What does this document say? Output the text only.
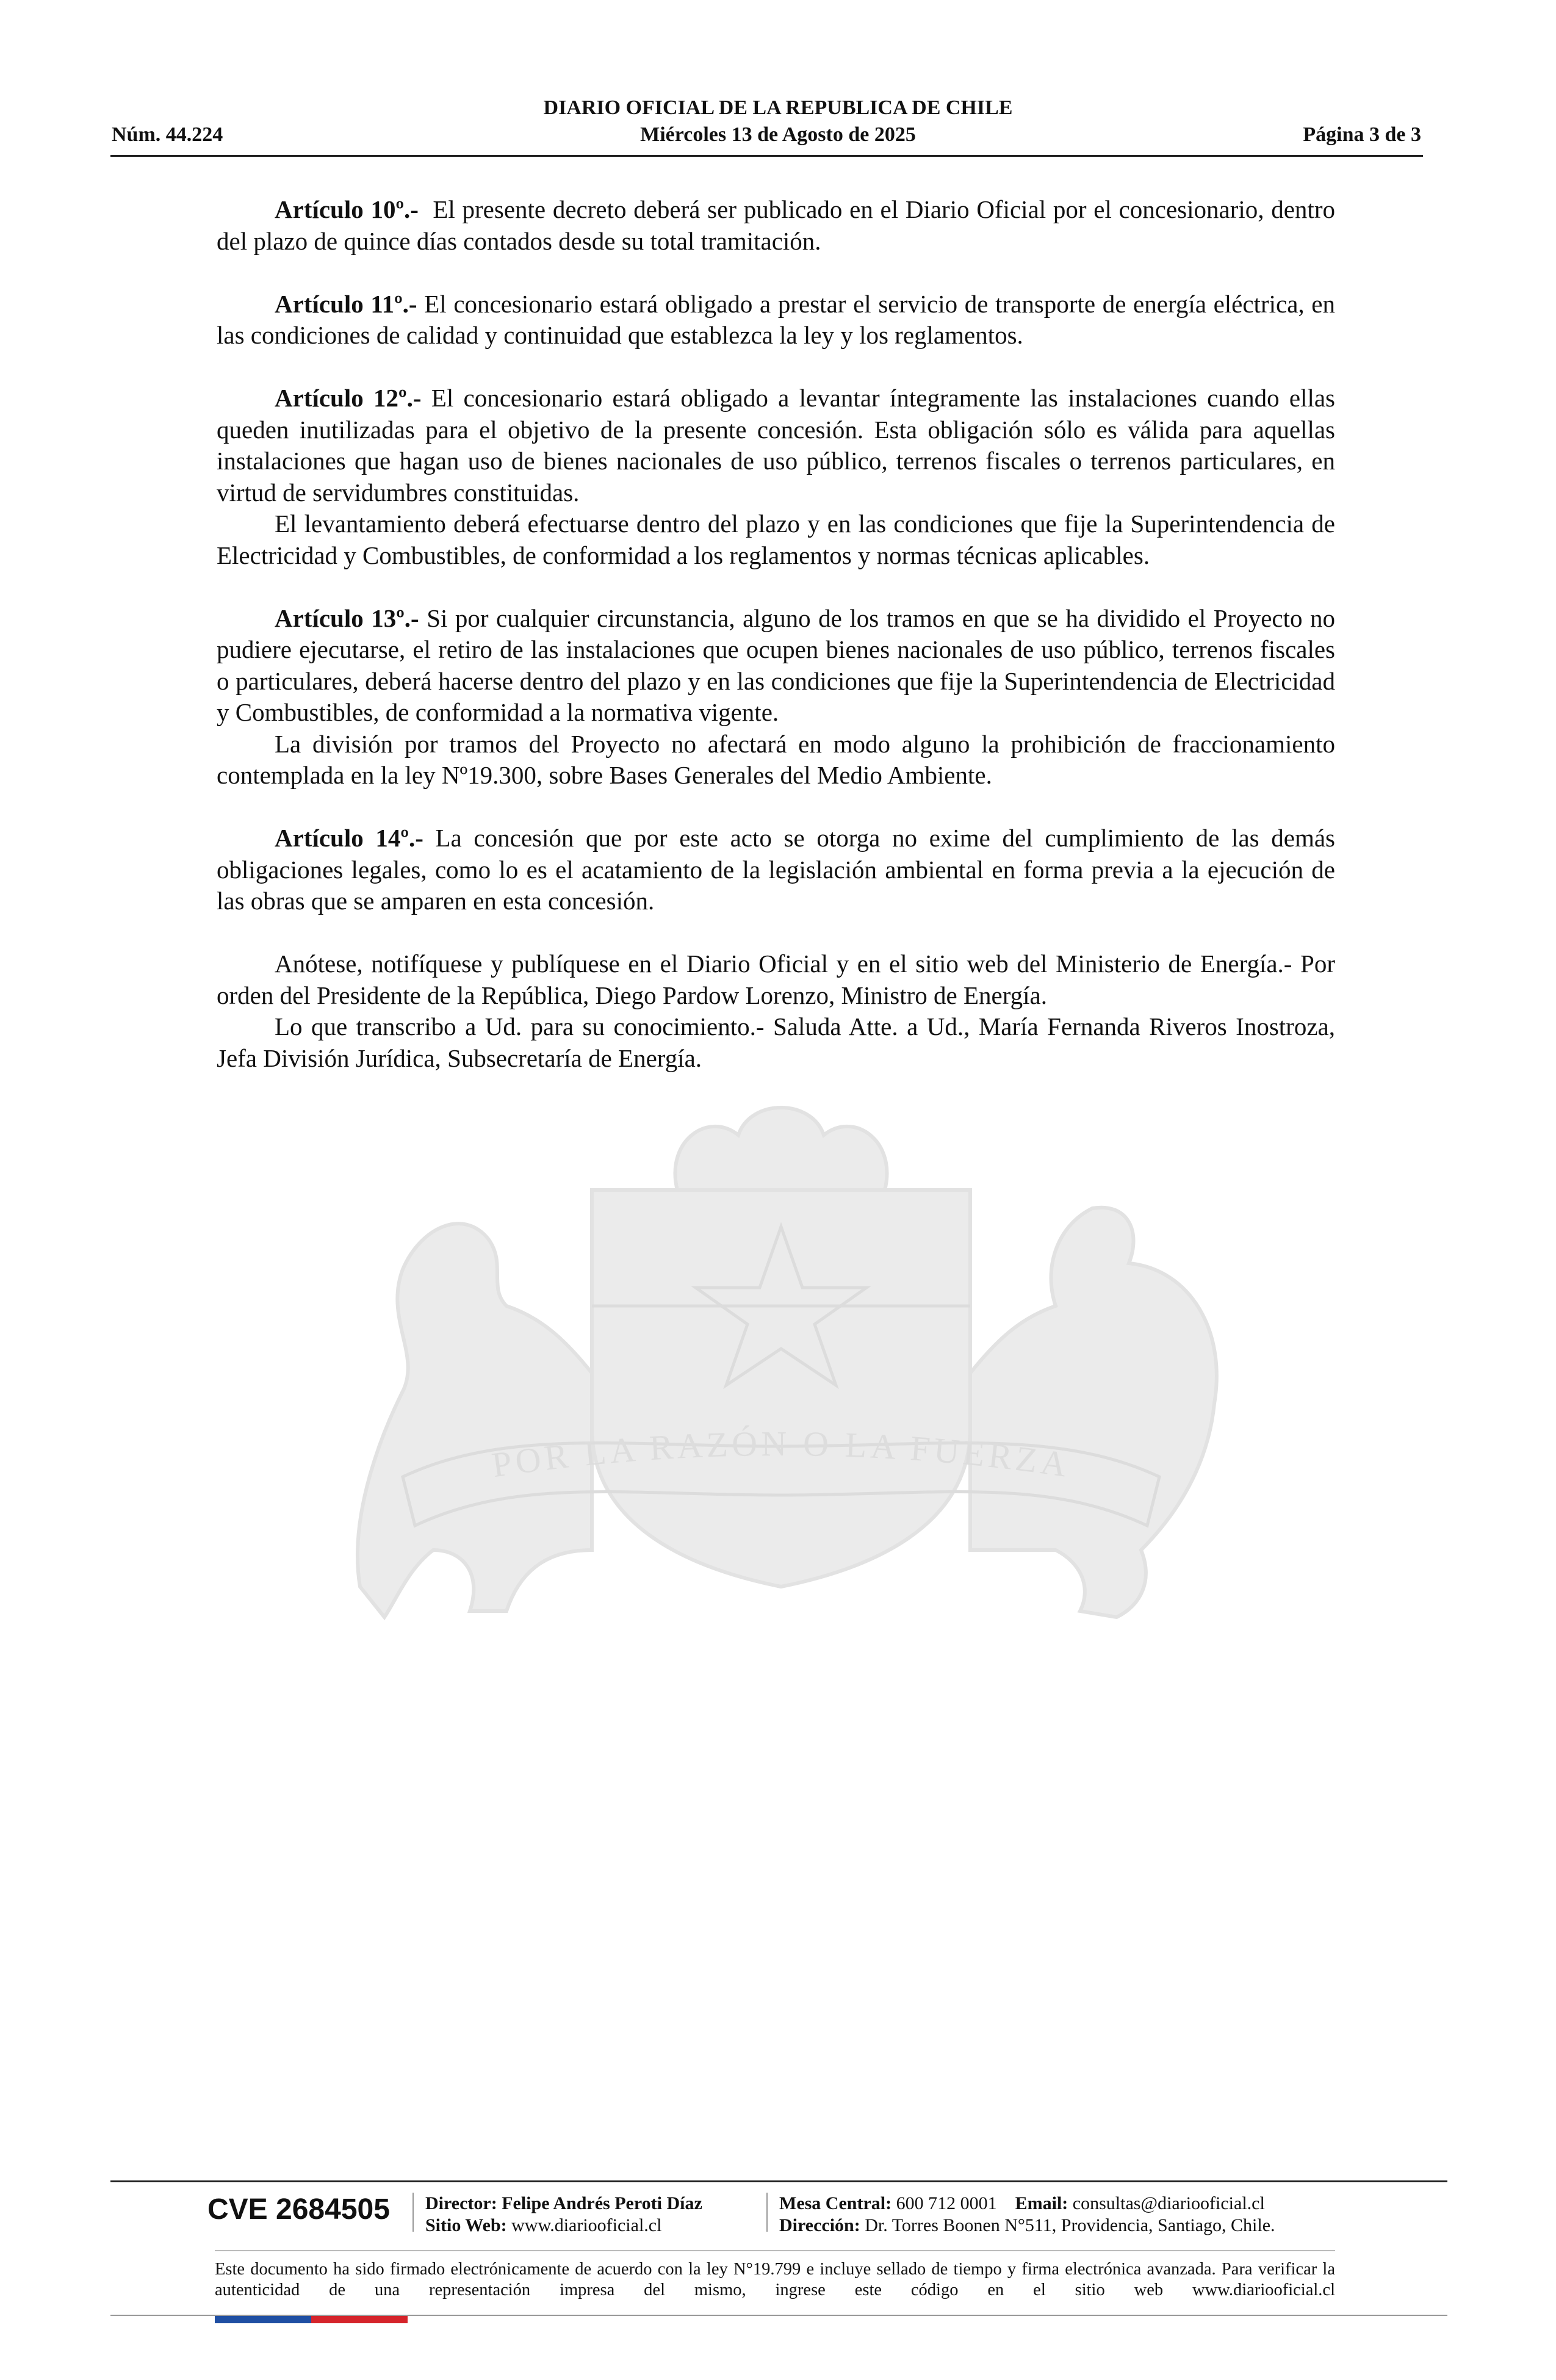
DIARIO OFICIAL DE LA REPUBLICA DE CHILE
Miércoles 13 de Agosto de 2025
Núm. 44.224	Página 3 de 3
POR LA RAZÓN O LA FUERZA

Artículo 10º.- El presente decreto deberá ser publicado en el Diario Oficial por el concesionario, dentro del plazo de quince días contados desde su total tramitación.

Artículo 11º.- El concesionario estará obligado a prestar el servicio de transporte de energía eléctrica, en las condiciones de calidad y continuidad que establezca la ley y los reglamentos.

Artículo 12º.- El concesionario estará obligado a levantar íntegramente las instalaciones cuando ellas queden inutilizadas para el objetivo de la presente concesión. Esta obligación sólo es válida para aquellas instalaciones que hagan uso de bienes nacionales de uso público, terrenos fiscales o terrenos particulares, en virtud de servidumbres constituidas.

El levantamiento deberá efectuarse dentro del plazo y en las condiciones que fije la Superintendencia de Electricidad y Combustibles, de conformidad a los reglamentos y normas técnicas aplicables.

Artículo 13º.- Si por cualquier circunstancia, alguno de los tramos en que se ha dividido el Proyecto no pudiere ejecutarse, el retiro de las instalaciones que ocupen bienes nacionales de uso público, terrenos fiscales o particulares, deberá hacerse dentro del plazo y en las condiciones que fije la Superintendencia de Electricidad y Combustibles, de conformidad a la normativa vigente.

La división por tramos del Proyecto no afectará en modo alguno la prohibición de fraccionamiento contemplada en la ley Nº19.300, sobre Bases Generales del Medio Ambiente.

Artículo 14º.- La concesión que por este acto se otorga no exime del cumplimiento de las demás obligaciones legales, como lo es el acatamiento de la legislación ambiental en forma previa a la ejecución de las obras que se amparen en esta concesión.

Anótese, notifíquese y publíquese en el Diario Oficial y en el sitio web del Ministerio de Energía.- Por orden del Presidente de la República, Diego Pardow Lorenzo, Ministro de Energía.

Lo que transcribo a Ud. para su conocimiento.- Saluda Atte. a Ud., María Fernanda Riveros Inostroza, Jefa División Jurídica, Subsecretaría de Energía.

CVE 2684505 Director: Felipe Andrés Peroti Díaz
Sitio Web: www.diariooficial.cl
Mesa Central: 600 712 0001 Email: consultas@diariooficial.cl
Dirección: Dr. Torres Boonen N°511, Providencia, Santiago, Chile.
Este documento ha sido firmado electrónicamente de acuerdo con la ley N°19.799 e incluye sellado de tiempo y firma electrónica avanzada. Para verificar la autenticidad de una representación impresa del mismo, ingrese este código en el sitio web www.diariooficial.cl
